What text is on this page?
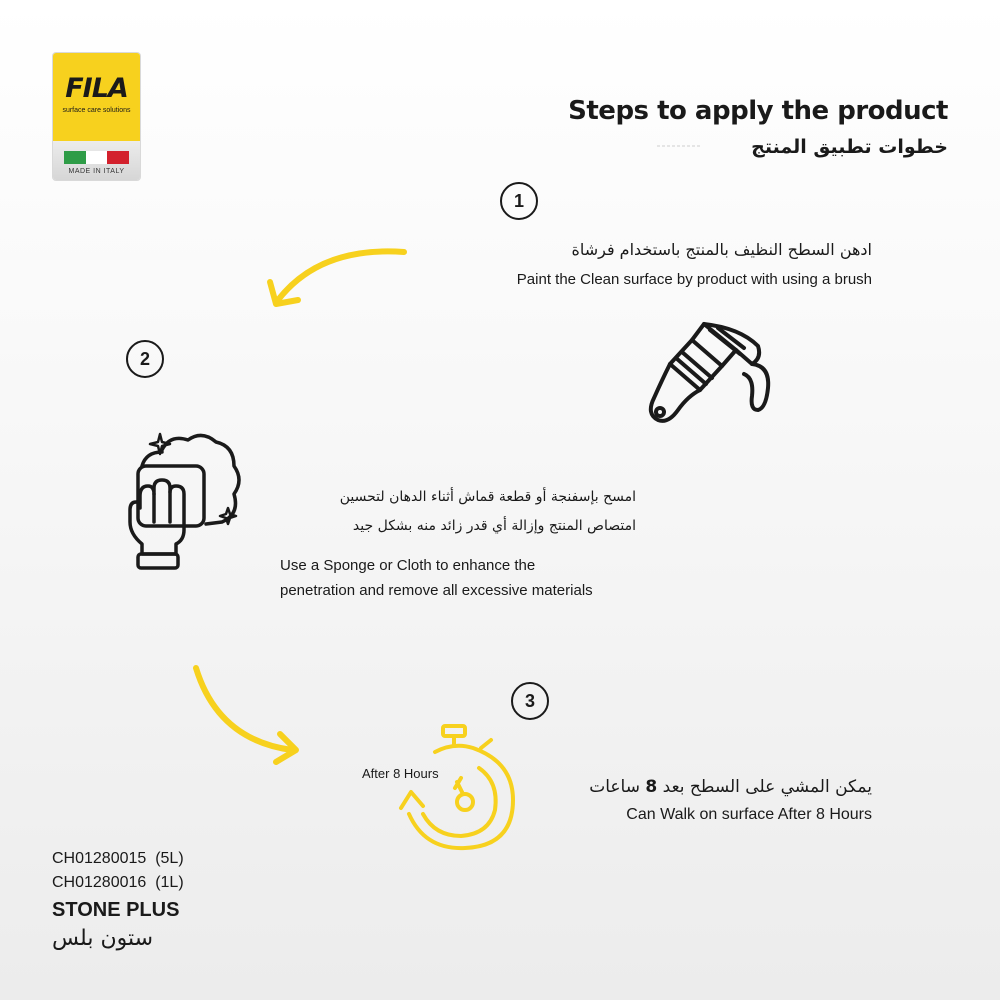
FILA
surface care solutions
MADE IN ITALY
Steps to apply the product
خطوات تطبيق المنتج
1
ادهن السطح النظيف بالمنتج باستخدام فرشاة
Paint the Clean surface by product with using a brush
2
امسح بإسفنجة أو قطعة قماش أثناء الدهان لتحسين
امتصاص المنتج وإزالة أي قدر زائد منه بشكل جيد
Use a Sponge or Cloth to enhance the
penetration and remove all excessive materials
3
After 8 Hours
يمكن المشي على السطح بعد 8 ساعات
Can Walk on surface After 8 Hours
CH01280015 (5L)
CH01280016 (1L)
STONE PLUS
ستون بلس
